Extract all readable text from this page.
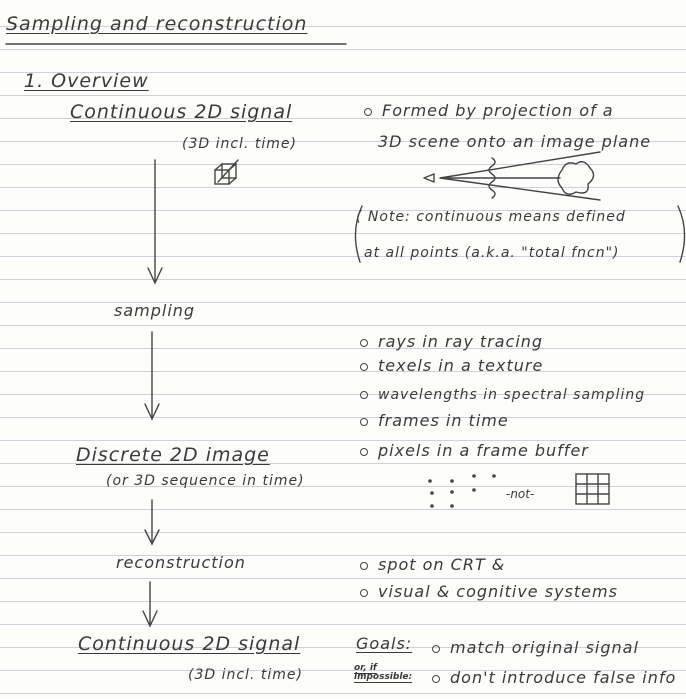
Sampling and reconstruction
1. Overview
Continuous 2D signal
(3D incl. time)
sampling
Discrete 2D image
(or 3D sequence in time)
reconstruction
Continuous 2D signal
(3D incl. time)
Formed by projection of a
3D scene onto an image plane
( Note: continuous means defined
at all points (a.k.a. "total fncn")
rays in ray tracing
texels in a texture
wavelengths in spectral sampling
frames in time
pixels in a frame buffer
-not-
spot on CRT &
visual & cognitive systems
Goals:	match original signal
or, if impossible:	don't introduce false info
